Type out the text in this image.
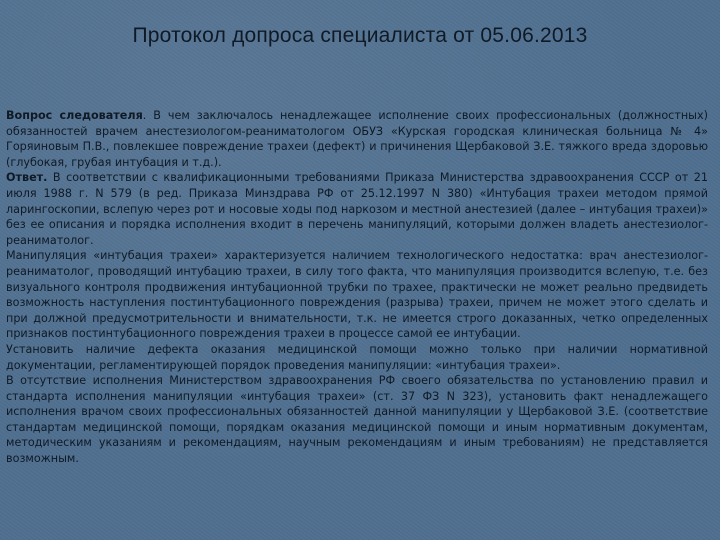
Протокол допроса специалиста от 05.06.2013

Вопрос следователя. В чем заключалось ненадлежащее исполнение своих профессиональных (должностных) обязанностей врачем анестезиологом-реаниматологом ОБУЗ «Курская городская клиническая больница № 4» Горяиновым П.В., повлекшее повреждение трахеи (дефект) и причинения Щербаковой З.Е. тяжкого вреда здоровью (глубокая, грубая интубация и т.д.).

Ответ. В соответствии с квалификационными требованиями Приказа Министерства здравоохранения СССР от 21 июля 1988 г. N 579 (в ред. Приказа Минздрава РФ от 25.12.1997 N 380) «Интубация трахеи методом прямой ларингоскопии, вслепую через рот и носовые ходы под наркозом и местной анестезией (далее – интубация трахеи)» без ее описания и порядка исполнения входит в перечень манипуляций, которыми должен владеть анестезиолог-реаниматолог.

Манипуляция «интубация трахеи» характеризуется наличием технологического недостатка: врач анестезиолог-реаниматолог, проводящий интубацию трахеи, в силу того факта, что манипуляция производится вслепую, т.е. без визуального контроля продвижения интубационной трубки по трахее, практически не может реально предвидеть возможность наступления постинтубационного повреждения (разрыва) трахеи, причем не может этого сделать и при должной предусмотрительности и внимательности, т.к. не имеется строго доказанных, четко определенных признаков постинтубационного повреждения трахеи в процессе самой ее интубации.

Установить наличие дефекта оказания медицинской помощи можно только при наличии нормативной документации, регламентирующей порядок проведения манипуляции: «интубация трахеи».

В отсутствие исполнения Министерством здравоохранения РФ своего обязательства по установлению правил и стандарта исполнения манипуляции «интубация трахеи» (ст. 37 ФЗ N 323), установить факт ненадлежащего исполнения врачом своих профессиональных обязанностей данной манипуляции у Щербаковой З.Е. (соответствие стандартам медицинской помощи, порядкам оказания медицинской помощи и иным нормативным документам, методическим указаниям и рекомендациям, научным рекомендациям и иным требованиям) не представляется возможным.
